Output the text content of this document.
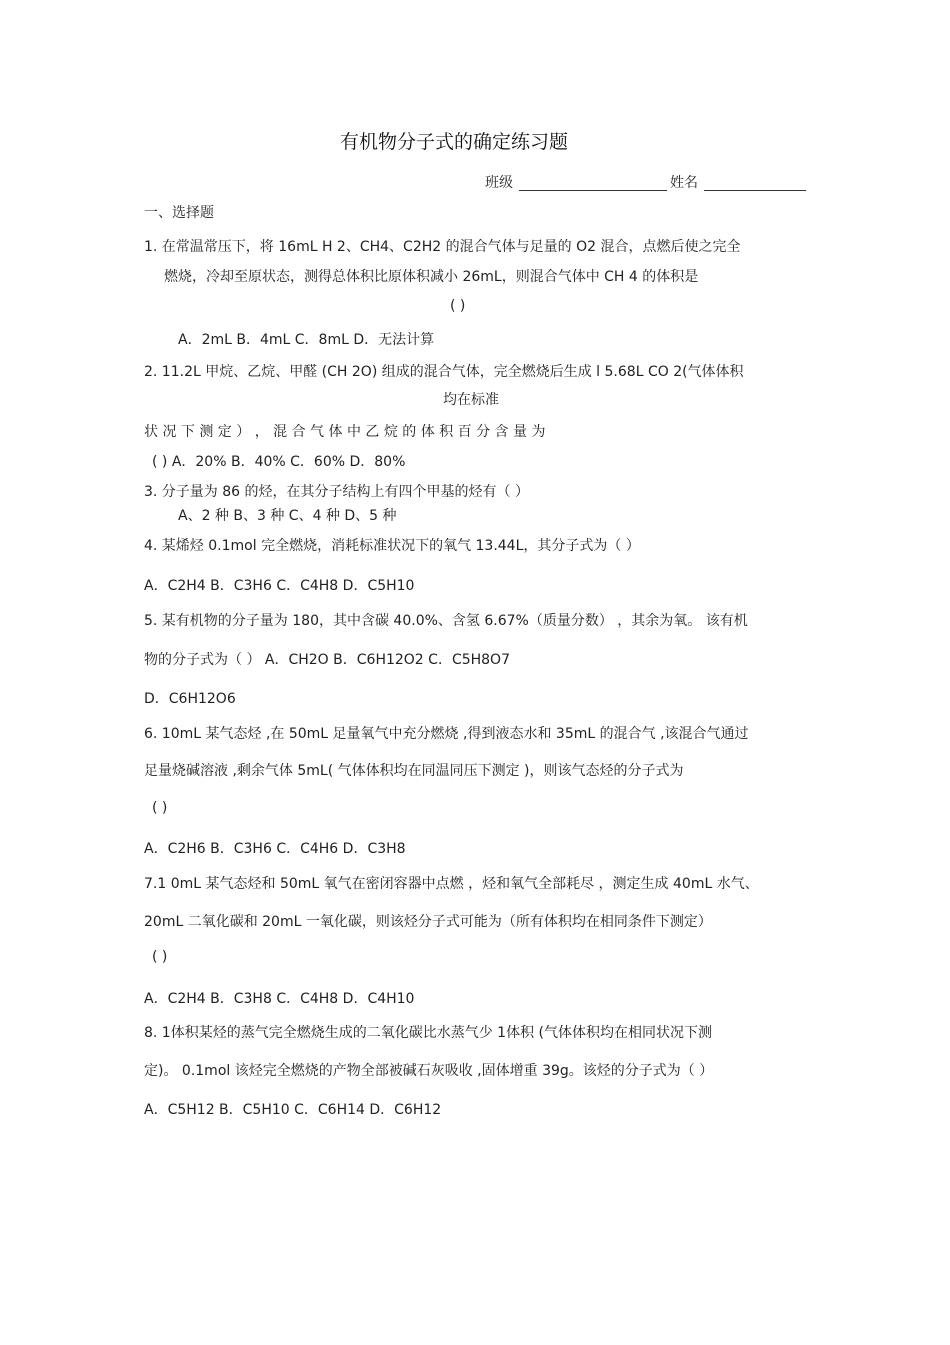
有机物分子式的确定练习题
班级	姓名
一、选择题
1. 在常温常压下，将 16mL H 2、CH4、C2H2 的混合气体与足量的 O2 混合，点燃后使之完全
燃烧，冷却至原状态，测得总体积比原体积减小 26mL，则混合气体中 CH 4 的体积是
( )
A．2mL B．4mL C．8mL D．无法计算
2. 11.2L 甲烷、乙烷、甲醛 (CH 2O) 组成的混合气体，完全燃烧后生成 l 5.68L CO 2(气体体积
均在标准
状 况 下 测 定 ） ， 混 合 气 体 中 乙 烷 的 体 积 百 分 含 量 为
( ) A．20% B．40% C．60% D．80%
3. 分子量为 86 的烃，在其分子结构上有四个甲基的烃有（ ）
A、2 种 B、3 种 C、4 种 D、5 种
4. 某烯烃 0.1mol 完全燃烧，消耗标准状况下的氧气 13.44L，其分子式为（ ）
A．C2H4 B．C3H6 C．C4H8 D．C5H10
5. 某有机物的分子量为 180，其中含碳 40.0%、含氢 6.67%（质量分数） ，其余为氧。 该有机
物的分子式为（ ） A．CH2O B．C6H12O2 C．C5H8O7
D．C6H12O6
6. 10mL 某气态烃 ,在 50mL 足量氧气中充分燃烧 ,得到液态水和 35mL 的混合气 ,该混合气通过
足量烧碱溶液 ,剩余气体 5mL( 气体体积均在同温同压下测定 )，则该气态烃的分子式为
( )
A．C2H6 B．C3H6 C．C4H6 D．C3H8
7.1 0mL 某气态烃和 50mL 氧气在密闭容器中点燃 ，烃和氧气全部耗尽 ，测定生成 40mL 水气、
20mL 二氧化碳和 20mL 一氧化碳，则该烃分子式可能为（所有体积均在相同条件下测定）
( )
A．C2H4 B．C3H8 C．C4H8 D．C4H10
8. 1体积某烃的蒸气完全燃烧生成的二氧化碳比水蒸气少 1体积 (气体体积均在相同状况下测
定)。 0.1mol 该烃完全燃烧的产物全部被碱石灰吸收 ,固体增重 39g。该烃的分子式为（ ）
A．C5H12 B．C5H10 C．C6H14 D．C6H12
